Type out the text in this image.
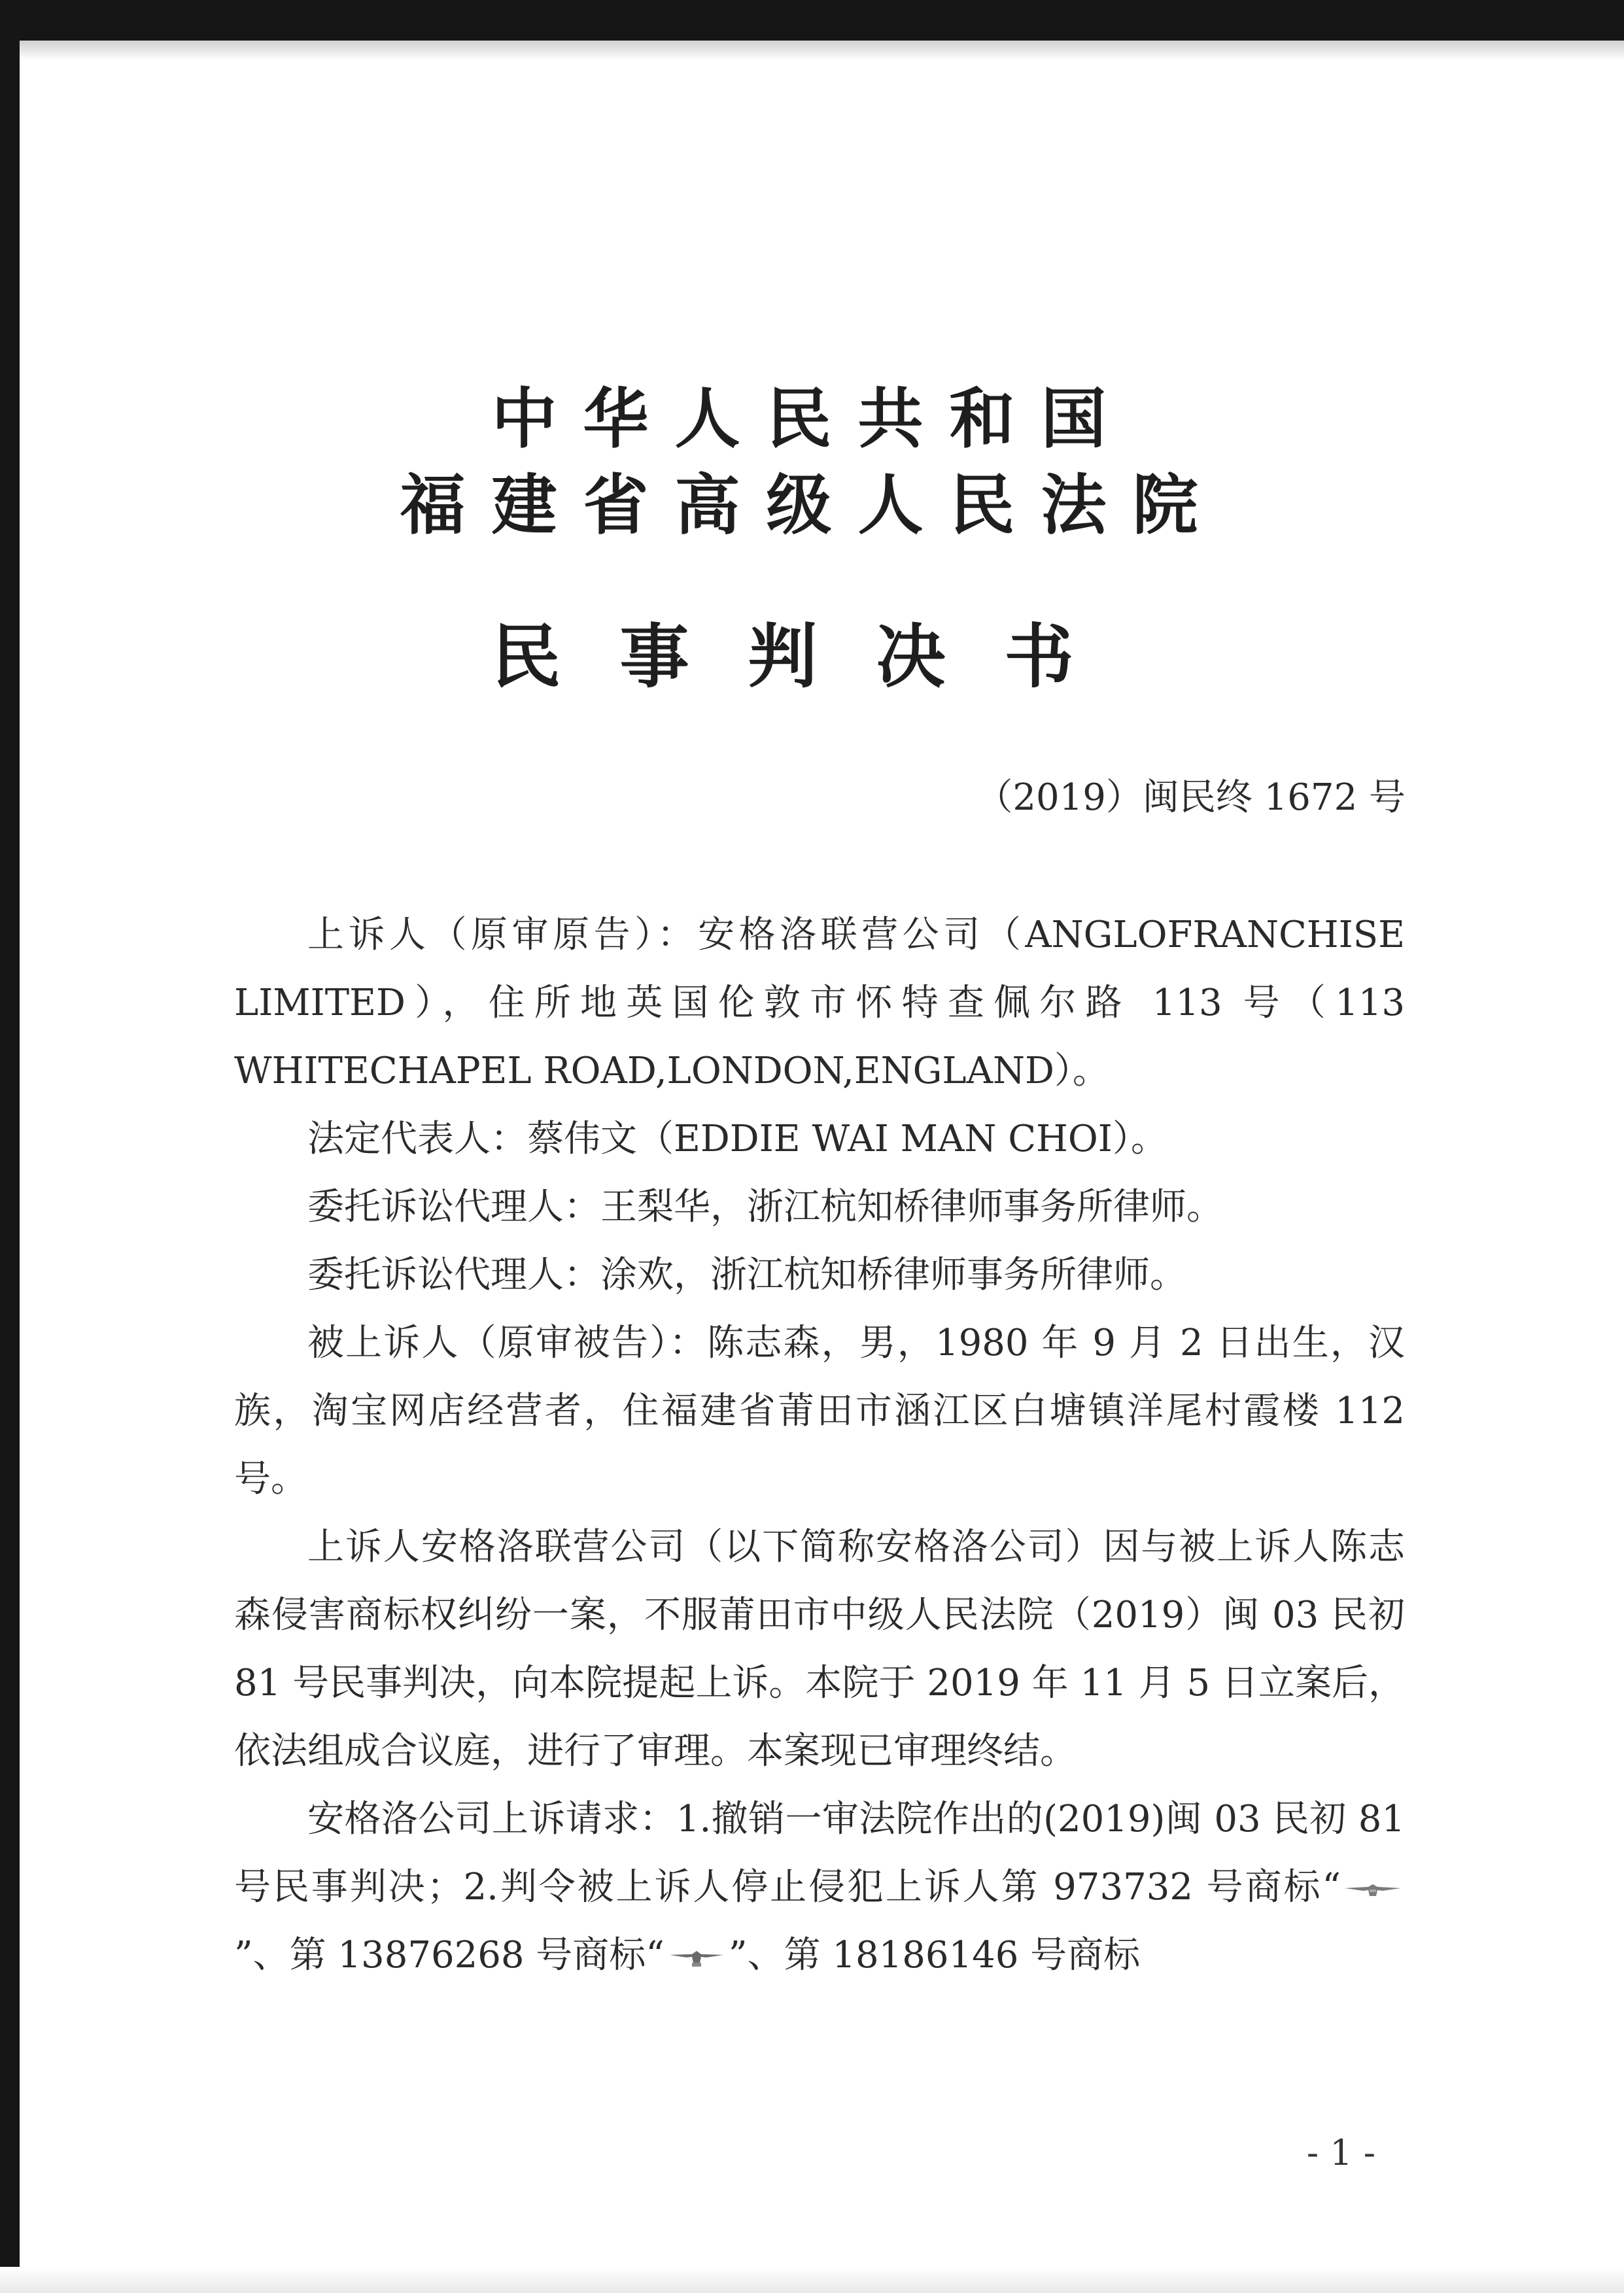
中华人民共和国
福建省高级人民法院
民事判决书
（2019）闽民终 1672 号

上诉人（原审原告）：安格洛联营公司（ANGLOFRANCHISE LIMITED），住所地英国伦敦市怀特查佩尔路 113 号（113 WHITECHAPEL ROAD,LONDON,ENGLAND）。

法定代表人：蔡伟文（EDDIE WAI MAN CHOI）。

委托诉讼代理人：王梨华，浙江杭知桥律师事务所律师。

委托诉讼代理人：涂欢，浙江杭知桥律师事务所律师。

被上诉人（原审被告）：陈志森，男，1980 年 9 月 2 日出生，汉族，淘宝网店经营者，住福建省莆田市涵江区白塘镇洋尾村霞楼 112 号。

上诉人安格洛联营公司（以下简称安格洛公司）因与被上诉人陈志森侵害商标权纠纷一案，不服莆田市中级人民法院（2019）闽 03 民初 81 号民事判决，向本院提起上诉。本院于 2019 年 11 月 5 日立案后，依法组成合议庭，进行了审理。本案现已审理终结。

安格洛公司上诉请求：1.撤销一审法院作出的(2019)闽 03 民初 81 号民事判决；2.判令被上诉人停止侵犯上诉人第 973732 号商标“”、第 13876268 号商标“ ”、第 18186146 号商标

- 1 -
